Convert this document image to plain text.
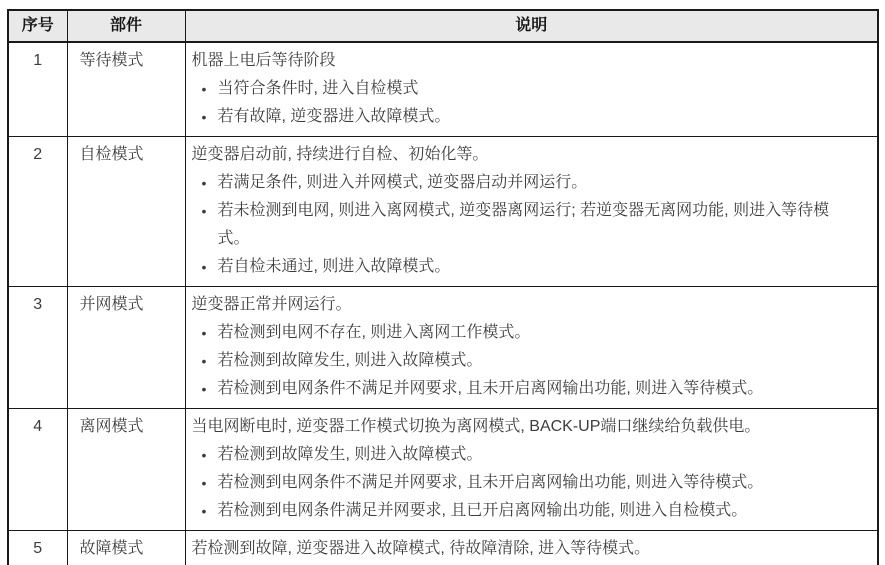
序号	部件	说明
1	等待模式	机器上电后等待阶段
• 当符合条件时, 进入自检模式
• 若有故障, 逆变器进入故障模式。

2	自检模式	逆变器启动前, 持续进行自检、初始化等。
• 若满足条件, 则进入并网模式, 逆变器启动并网运行。
• 若未检测到电网, 则进入离网模式, 逆变器离网运行; 若逆变器无离网功能, 则进入等待模式。
• 若自检未通过, 则进入故障模式。

3	并网模式	逆变器正常并网运行。
• 若检测到电网不存在, 则进入离网工作模式。
• 若检测到故障发生, 则进入故障模式。
• 若检测到电网条件不满足并网要求, 且未开启离网输出功能, 则进入等待模式。

4	离网模式	当电网断电时, 逆变器工作模式切换为离网模式, BACK-UP端口继续给负载供电。
• 若检测到故障发生, 则进入故障模式。
• 若检测到电网条件不满足并网要求, 且未开启离网输出功能, 则进入等待模式。
• 若检测到电网条件满足并网要求, 且已开启离网输出功能, 则进入自检模式。

5	故障模式	若检测到故障, 逆变器进入故障模式, 待故障清除, 进入等待模式。
